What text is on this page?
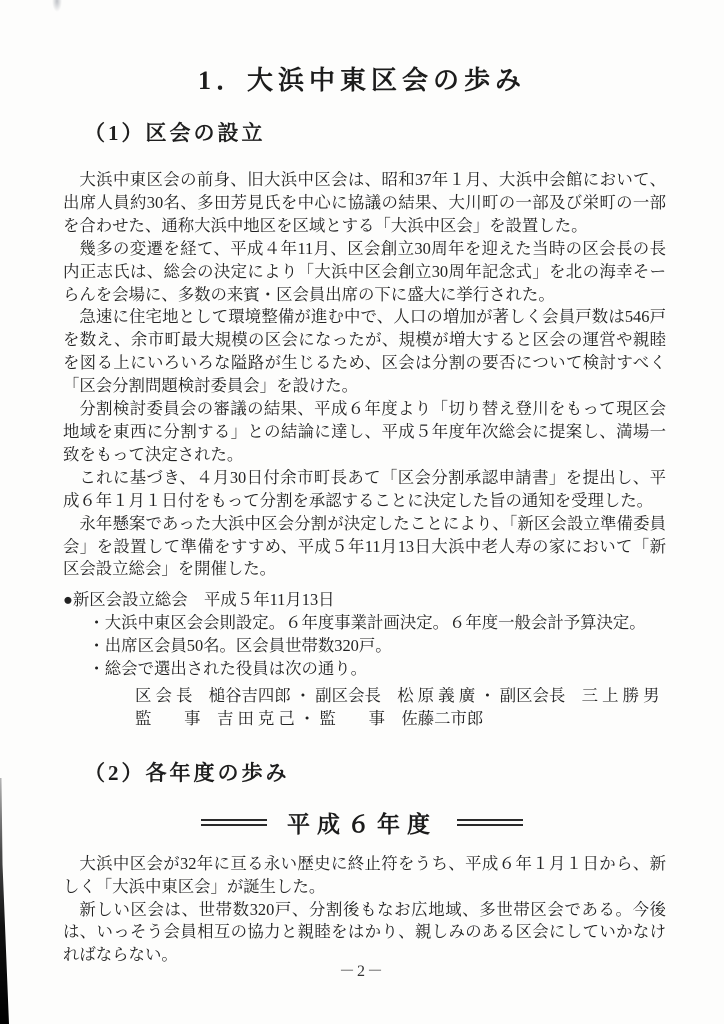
1．大浜中東区会の歩み
（1）区会の設立

大浜中東区会の前身、旧大浜中区会は、昭和37年１月、大浜中会館において、出席人員約30名、多田芳見氏を中心に協議の結果、大川町の一部及び栄町の一部を合わせた、通称大浜中地区を区域とする「大浜中区会」を設置した。

幾多の変遷を経て、平成４年11月、区会創立30周年を迎えた当時の区会長の長内正志氏は、総会の決定により「大浜中区会創立30周年記念式」を北の海幸そーらんを会場に、多数の来賓・区会員出席の下に盛大に挙行された。

急速に住宅地として環境整備が進む中で、人口の増加が著しく会員戸数は546戸を数え、余市町最大規模の区会になったが、規模が増大すると区会の運営や親睦を図る上にいろいろな隘路が生じるため、区会は分割の要否について検討すべく「区会分割問題検討委員会」を設けた。

分割検討委員会の審議の結果、平成６年度より「切り替え登川をもって現区会地域を東西に分割する」との結論に達し、平成５年度年次総会に提案し、満場一致をもって決定された。

これに基づき、４月30日付余市町長あて「区会分割承認申請書」を提出し、平成６年１月１日付をもって分割を承認することに決定した旨の通知を受理した。

永年懸案であった大浜中区会分割が決定したことにより、「新区会設立準備委員会」を設置して準備をすすめ、平成５年11月13日大浜中老人寿の家において「新区会設立総会」を開催した。

●新区会設立総会　平成５年11月13日

・大浜中東区会会則設定。６年度事業計画決定。６年度一般会計予算決定。

・出席区会員50名。区会員世帯数320戸。

・総会で選出された役員は次の通り。

区 会 長　槌谷吉四郎 ・ 副区会長　松 原 義 廣 ・ 副区会長　三 上 勝 男

監　　事　吉 田 克 己 ・ 監　　事　佐藤二市郎

（2）各年度の歩み
平成６年度

大浜中区会が32年に亘る永い歴史に終止符をうち、平成６年１月１日から、新しく「大浜中東区会」が誕生した。

新しい区会は、世帯数320戸、分割後もなお広地域、多世帯区会である。今後は、いっそう会員相互の協力と親睦をはかり、親しみのある区会にしていかなければならない。

－2－
